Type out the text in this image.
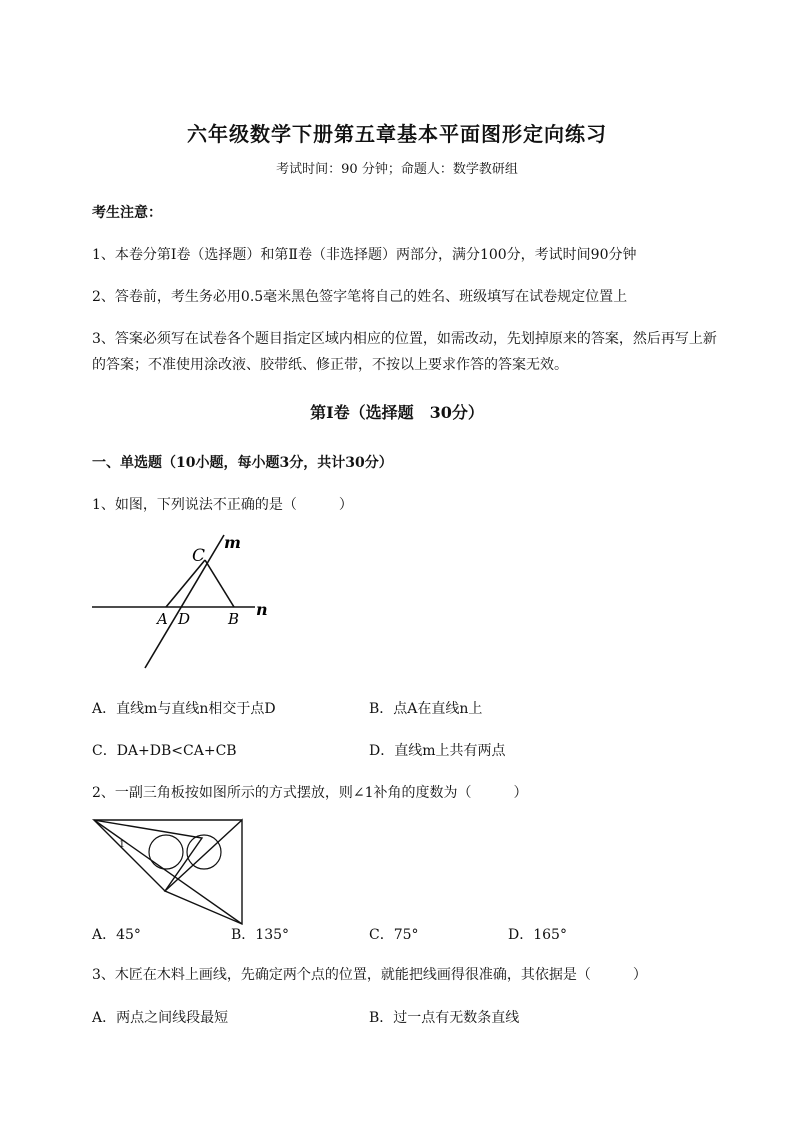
六年级数学下册第五章基本平面图形定向练习
考试时间：90 分钟；命题人：数学教研组
考生注意：
1、本卷分第Ⅰ卷（选择题）和第Ⅱ卷（非选择题）两部分，满分100分，考试时间90分钟
2、答卷前，考生务必用0.5毫米黑色签字笔将自己的姓名、班级填写在试卷规定位置上
3、答案必须写在试卷各个题目指定区域内相应的位置，如需改动，先划掉原来的答案，然后再写上新
的答案；不准使用涂改液、胶带纸、修正带，不按以上要求作答的答案无效。
第Ⅰ卷（选择题　30分）
一、单选题（10小题，每小题3分，共计30分）
1、如图，下列说法不正确的是（　　　）
C
m
A D	B n
A．直线m与直线n相交于点D	B．点A在直线n上
C．DA+DB<CA+CB	D．直线m上共有两点
2、一副三角板按如图所示的方式摆放，则∠1补角的度数为（　　　）
1
A．45°	B．135°	C．75°	D．165°
3、木匠在木料上画线，先确定两个点的位置，就能把线画得很准确，其依据是（　　　）
A．两点之间线段最短	B．过一点有无数条直线
